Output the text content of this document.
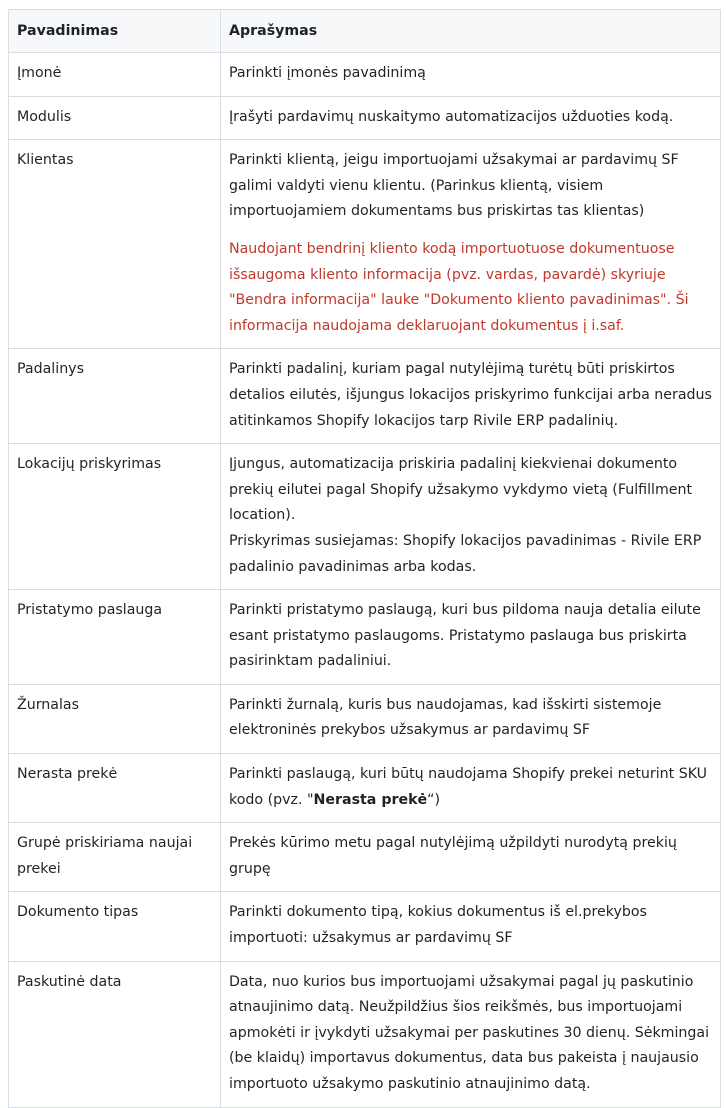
Pavadinimas	Aprašymas
Įmonė	Parinkti įmonės pavadinimą
Modulis	Įrašyti pardavimų nuskaitymo automatizacijos užduoties kodą.
Klientas	Parinkti klientą, jeigu importuojami užsakymai ar pardavimų SF galimi valdyti vienu klientu. (Parinkus klientą, visiem importuojamiem dokumentams bus priskirtas tas klientas)

Naudojant bendrinį kliento kodą importuotuose dokumentuose išsaugoma kliento informacija (pvz. vardas, pavardė) skyriuje "Bendra informacija" lauke "Dokumento kliento pavadinimas". Ši informacija naudojama deklaruojant dokumentus į i.saf.

Padalinys	Parinkti padalinį, kuriam pagal nutylėjimą turėtų būti priskirtos detalios eilutės, išjungus lokacijos priskyrimo funkcijai arba neradus atitinkamos Shopify lokacijos tarp Rivile ERP padalinių.
Lokacijų priskyrimas	Įjungus, automatizacija priskiria padalinį kiekvienai dokumento prekių eilutei pagal Shopify užsakymo vykdymo vietą (Fulfillment location).
Priskyrimas susiejamas: Shopify lokacijos pavadinimas - Rivile ERP padalinio pavadinimas arba kodas.

Pristatymo paslauga	Parinkti pristatymo paslaugą, kuri bus pildoma nauja detalia eilute esant pristatymo paslaugoms. Pristatymo paslauga bus priskirta pasirinktam padaliniui.
Žurnalas	Parinkti žurnalą, kuris bus naudojamas, kad išskirti sistemoje elektroninės prekybos užsakymus ar pardavimų SF
Nerasta prekė	Parinkti paslaugą, kuri būtų naudojama Shopify prekei neturint SKU kodo (pvz. "Nerasta prekė“)
Grupė priskiriama naujai prekei	Prekės kūrimo metu pagal nutylėjimą užpildyti nurodytą prekių grupę
Dokumento tipas	Parinkti dokumento tipą, kokius dokumentus iš el.prekybos importuoti: užsakymus ar pardavimų SF
Paskutinė data	Data, nuo kurios bus importuojami užsakymai pagal jų paskutinio atnaujinimo datą. Neužpildžius šios reikšmės, bus importuojami apmokėti ir įvykdyti užsakymai per paskutines 30 dienų. Sėkmingai (be klaidų) importavus dokumentus, data bus pakeista į naujausio importuoto užsakymo paskutinio atnaujinimo datą.
